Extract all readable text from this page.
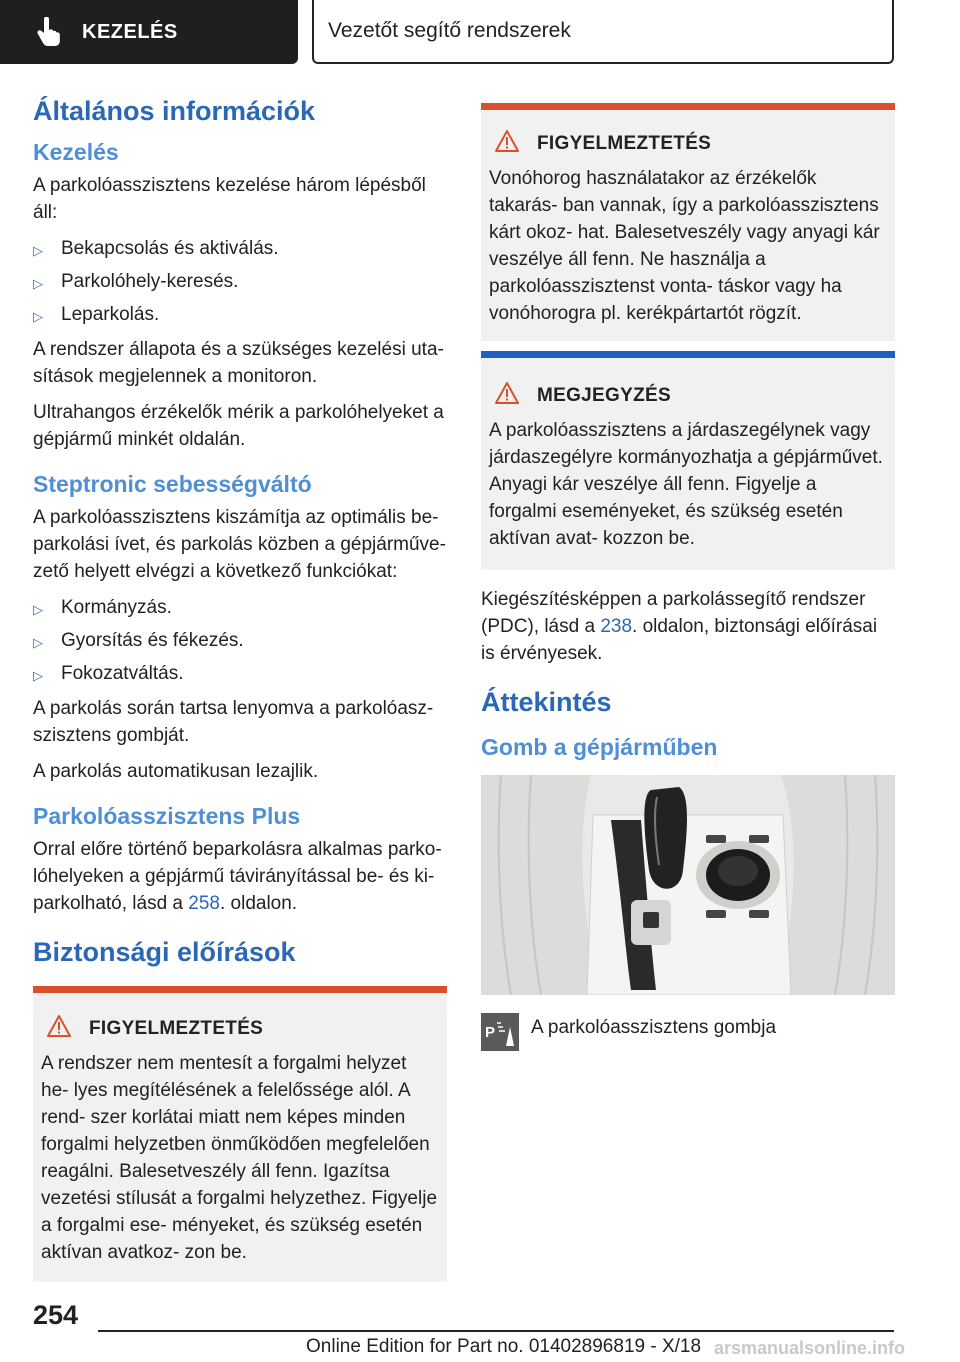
KEZELÉS	Vezetőt segítő rendszerek
Általános információk
Kezelés

A parkolóasszisztens kezelése három lépésből áll:

▷ Bekapcsolás és aktiválás.
▷ Parkolóhely-keresés.
▷ Leparkolás.

A rendszer állapota és a szükséges kezelési uta- sítások megjelennek a monitoron.

Ultrahangos érzékelők mérik a parkolóhelyeket a gépjármű minkét oldalán.

Steptronic sebességváltó

A parkolóasszisztens kiszámítja az optimális be- parkolási ívet, és parkolás közben a gépjárműve- zető helyett elvégzi a következő funkciókat:

▷ Kormányzás.
▷ Gyorsítás és fékezés.
▷ Fokozatváltás.

A parkolás során tartsa lenyomva a parkolóasz- szisztens gombját.

A parkolás automatikusan lezajlik.

Parkolóasszisztens Plus

Orral előre történő beparkolásra alkalmas parko- lóhelyeken a gépjármű távirányítással be- és ki- parkolható, lásd a 258. oldalon.

Biztonsági előírások
FIGYELMEZTETÉS

A rendszer nem mentesít a forgalmi helyzet he- lyes megítélésének a felelőssége alól. A rend- szer korlátai miatt nem képes minden forgalmi helyzetben önműködően megfelelően reagálni. Balesetveszély áll fenn. Igazítsa vezetési stílusát a forgalmi helyzethez. Figyelje a forgalmi ese- ményeket, és szükség esetén aktívan avatkoz- zon be.

FIGYELMEZTETÉS

Vonóhorog használatakor az érzékelők takarás- ban vannak, így a parkolóasszisztens kárt okoz- hat. Balesetveszély vagy anyagi kár veszélye áll fenn. Ne használja a parkolóasszisztenst vonta- táskor vagy ha vonóhorogra pl. kerékpártartót rögzít.

MEGJEGYZÉS

A parkolóasszisztens a járdaszegélynek vagy járdaszegélyre kormányozhatja a gépjárművet. Anyagi kár veszélye áll fenn. Figyelje a forgalmi eseményeket, és szükség esetén aktívan avat- kozzon be.

Kiegészítésképpen a parkolássegítő rendszer (PDC), lásd a 238. oldalon, biztonsági előírásai is érvényesek.

Áttekintés
Gomb a gépjárműben
P A parkolóasszisztens gombja
254
Online Edition for Part no. 01402896819 - X/18 arsmanualsonline.info
